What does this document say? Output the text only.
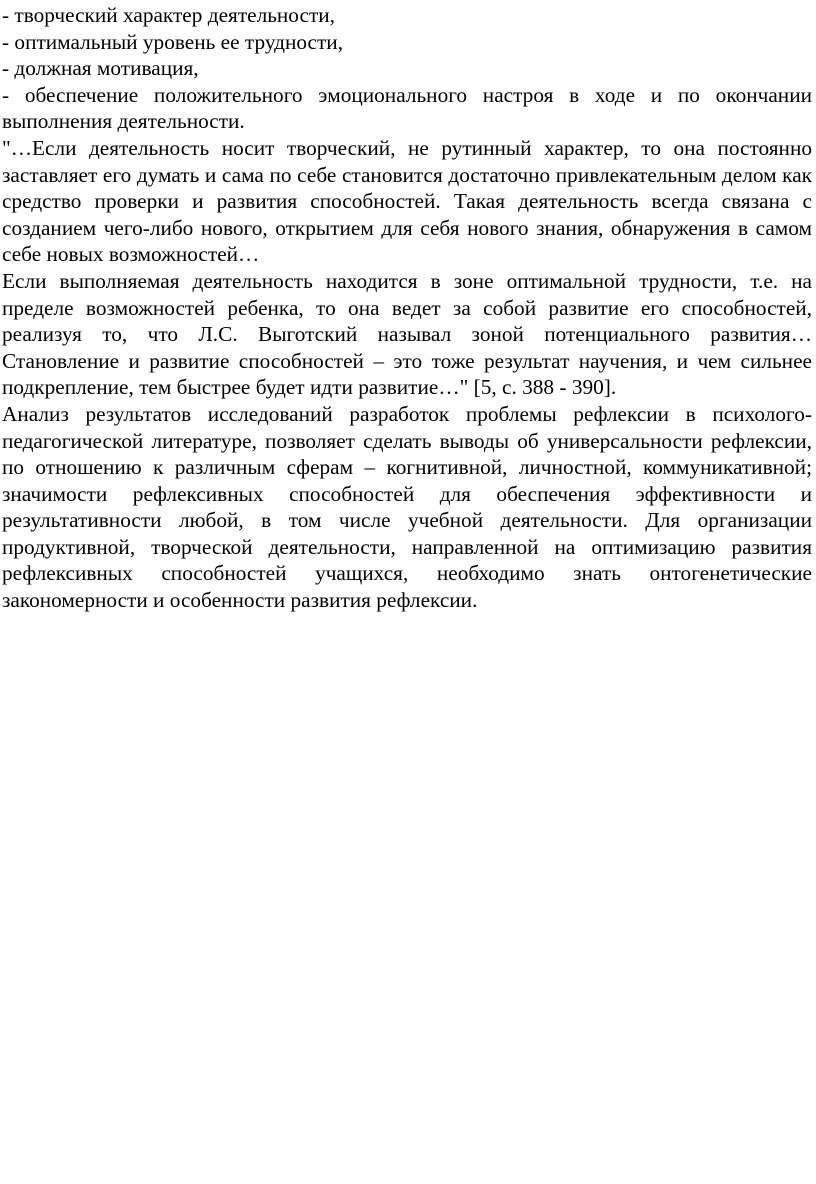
- творческий характер деятельности,

- оптимальный уровень ее трудности,

- должная мотивация,

- обеспечение положительного эмоционального настроя в ходе и по окончании выполнения деятельности.

"…Если деятельность носит творческий, не рутинный характер, то она постоянно заставляет его думать и сама по себе становится достаточно привлекательным делом как средство проверки и развития способностей. Такая деятельность всегда связана с созданием чего-либо нового, открытием для себя нового знания, обнаружения в самом себе новых возможностей…

Если выполняемая деятельность находится в зоне оптимальной трудности, т.е. на пределе возможностей ребенка, то она ведет за собой развитие его способностей, реализуя то, что Л.С. Выготский называл зоной потенциального развития… Становление и развитие способностей – это тоже результат научения, и чем сильнее подкрепление, тем быстрее будет идти развитие…" [5, с. 388 - 390].

Анализ результатов исследований разработок проблемы рефлексии в психолого-педагогической литературе, позволяет сделать выводы об универсальности рефлексии, по отношению к различным сферам – когнитивной, личностной, коммуникативной; значимости рефлексивных способностей для обеспечения эффективности и результативности любой, в том числе учебной деятельности. Для организации продуктивной, творческой деятельности, направленной на оптимизацию развития рефлексивных способностей учащихся, необходимо знать онтогенетические закономерности и особенности развития рефлексии.
